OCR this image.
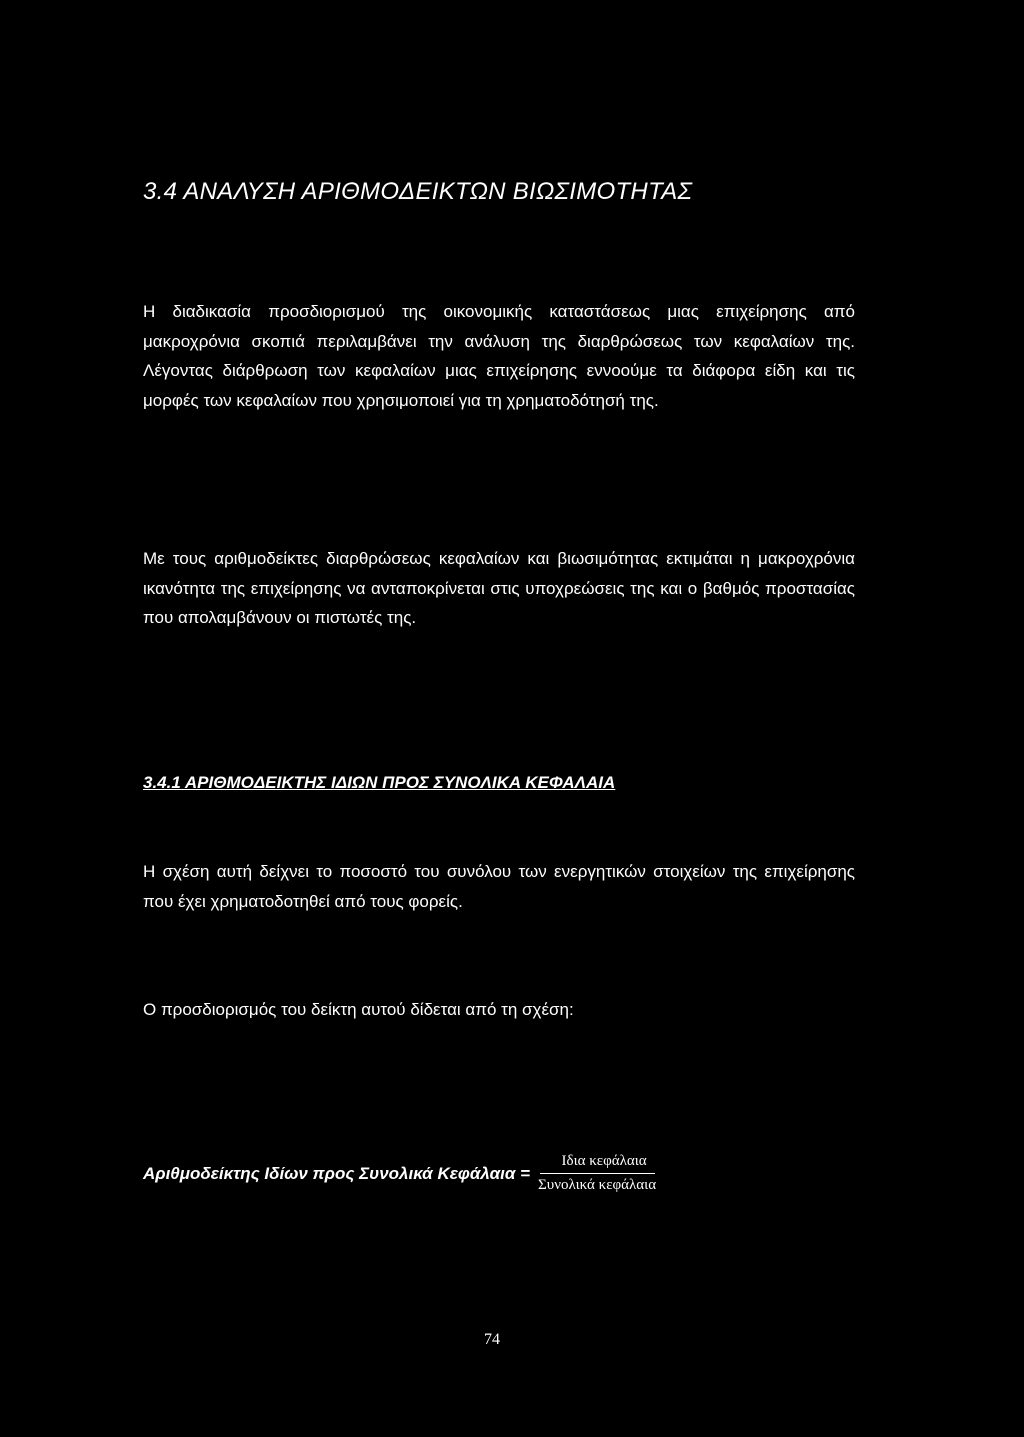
3.4 ΑΝΑΛΥΣΗ ΑΡΙΘΜΟΔΕΙΚΤΩΝ ΒΙΩΣΙΜΟΤΗΤΑΣ

Η διαδικασία προσδιορισμού της οικονομικής καταστάσεως μιας επιχείρησης από μακροχρόνια σκοπιά περιλαμβάνει την ανάλυση της διαρθρώσεως των κεφαλαίων της. Λέγοντας διάρθρωση των κεφαλαίων μιας επιχείρησης εννοούμε τα διάφορα είδη και τις μορφές των κεφαλαίων που χρησιμοποιεί για τη χρηματοδότησή της.

Με τους αριθμοδείκτες διαρθρώσεως κεφαλαίων και βιωσιμότητας εκτιμάται η μακροχρόνια ικανότητα της επιχείρησης να ανταποκρίνεται στις υποχρεώσεις της και ο βαθμός προστασίας που απολαμβάνουν οι πιστωτές της.

3.4.1 ΑΡΙΘΜΟΔΕΙΚΤΗΣ ΙΔΙΩΝ ΠΡΟΣ ΣΥΝΟΛΙΚΑ ΚΕΦΑΛΑΙΑ

Η σχέση αυτή δείχνει το ποσοστό του συνόλου των ενεργητικών στοιχείων της επιχείρησης που έχει χρηματοδοτηθεί από τους φορείς.

Ο προσδιορισμός του δείκτη αυτού δίδεται από τη σχέση:

Αριθμοδείκτης Ιδίων προς Συνολικά $K\varepsilon\varphi ά\lambda\alpha\iota\alpha = \frac{\text{Ιδια κεφάλαια}}{\text{Συνολικά κεφάλαια}}$
74
